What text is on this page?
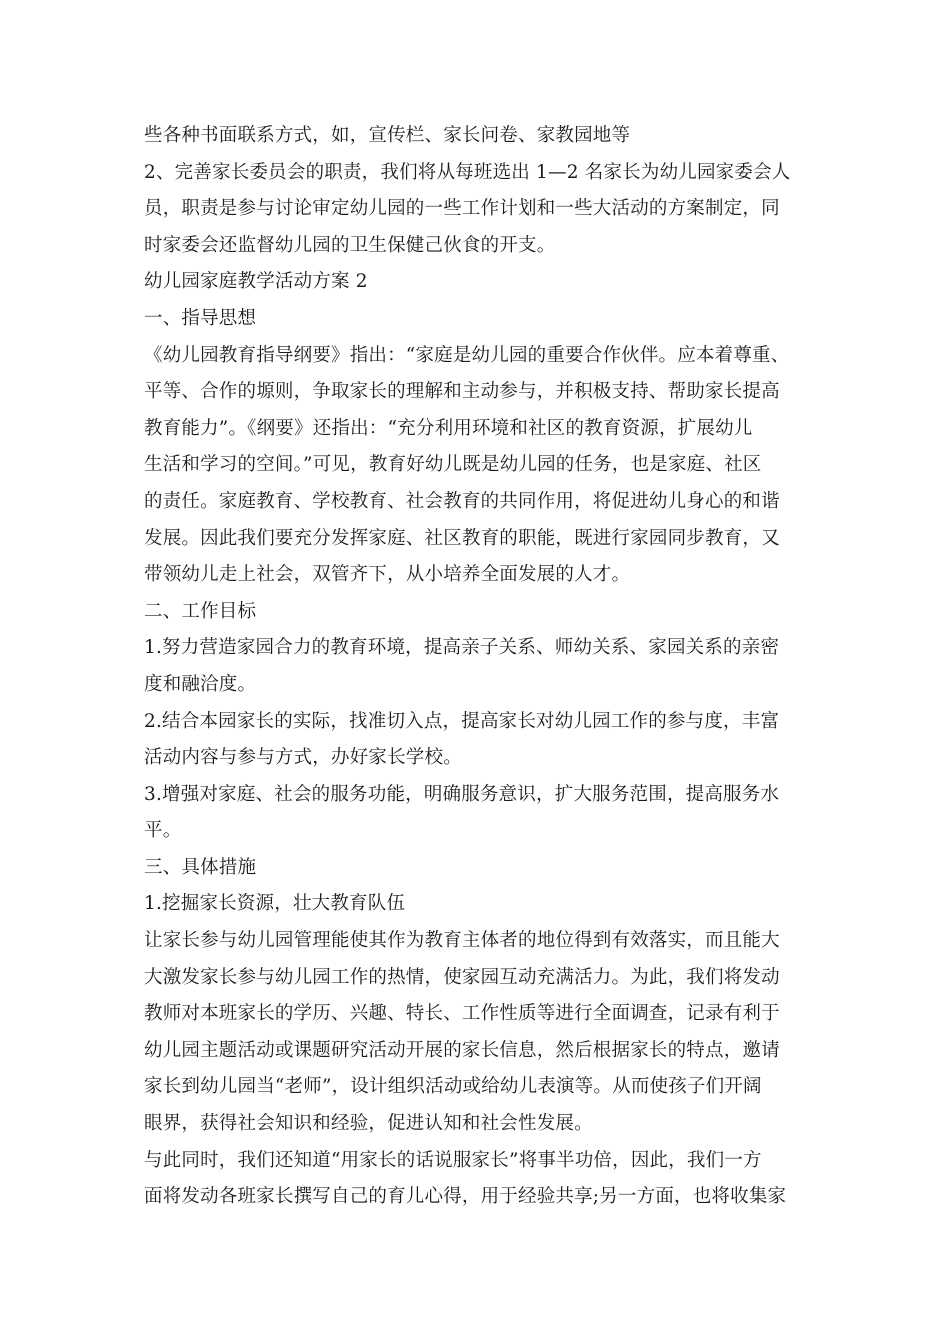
些各种书面联系方式，如，宣传栏、家长问卷、家教园地等
2、完善家长委员会的职责，我们将从每班选出 1—2 名家长为幼儿园家委会人
员，职责是参与讨论审定幼儿园的一些工作计划和一些大活动的方案制定，同
时家委会还监督幼儿园的卫生保健己伙食的开支。
幼儿园家庭教学活动方案 2
一、指导思想
《幼儿园教育指导纲要》指出：“家庭是幼儿园的重要合作伙伴。应本着尊重、
平等、合作的塬则，争取家长的理解和主动参与，并积极支持、帮助家长提高
教育能力”。《纲要》还指出：“充分利用环境和社区的教育资源，扩展幼儿
生活和学习的空间。”可见，教育好幼儿既是幼儿园的任务，也是家庭、社区
的责任。家庭教育、学校教育、社会教育的共同作用，将促进幼儿身心的和谐
发展。因此我们要充分发挥家庭、社区教育的职能，既进行家园同步教育，又
带领幼儿走上社会，双管齐下，从小培养全面发展的人才。
二、工作目标
1.努力营造家园合力的教育环境，提高亲子关系、师幼关系、家园关系的亲密
度和融洽度。
2.结合本园家长的实际，找准切入点，提高家长对幼儿园工作的参与度，丰富
活动内容与参与方式，办好家长学校。
3.增强对家庭、社会的服务功能，明确服务意识，扩大服务范围，提高服务水
平。
三、具体措施
1.挖掘家长资源，壮大教育队伍
让家长参与幼儿园管理能使其作为教育主体者的地位得到有效落实，而且能大
大激发家长参与幼儿园工作的热情，使家园互动充满活力。为此，我们将发动
教师对本班家长的学历、兴趣、特长、工作性质等进行全面调查，记录有利于
幼儿园主题活动或课题研究活动开展的家长信息，然后根据家长的特点，邀请
家长到幼儿园当“老师”，设计组织活动或给幼儿表演等。从而使孩子们开阔
眼界，获得社会知识和经验，促进认知和社会性发展。
与此同时，我们还知道“用家长的话说服家长”将事半功倍，因此，我们一方
面将发动各班家长撰写自己的育儿心得，用于经验共享;另一方面，也将收集家
